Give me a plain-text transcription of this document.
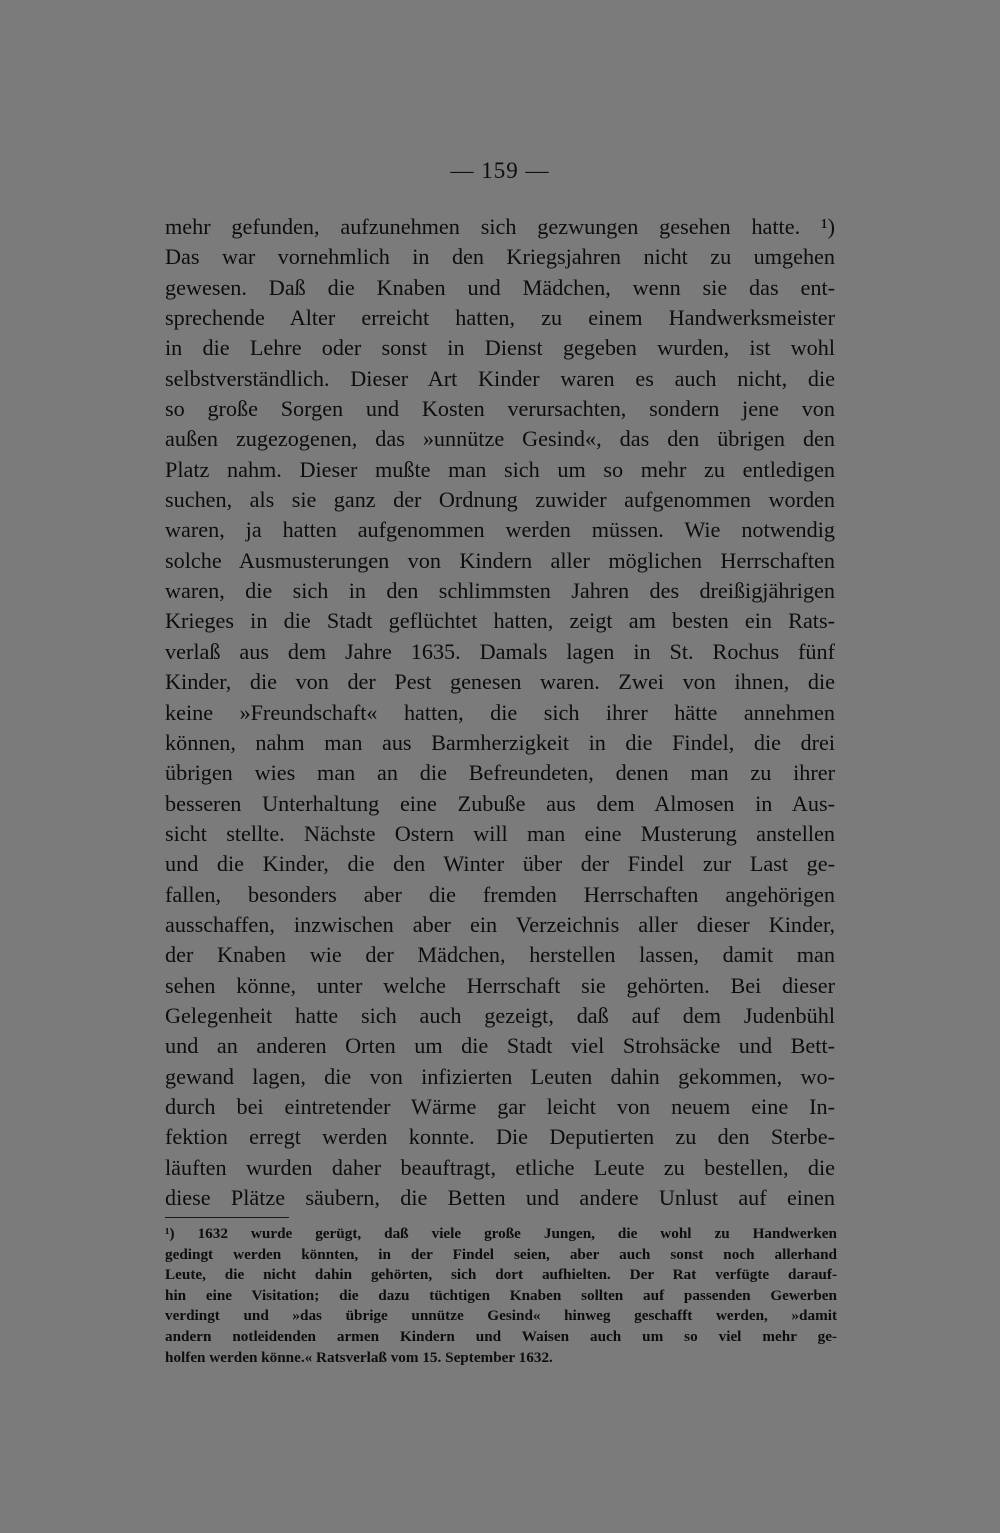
— 159 —
mehr gefunden, aufzunehmen sich gezwungen gesehen hatte. ¹)
Das war vornehmlich in den Kriegsjahren nicht zu umgehen
gewesen. Daß die Knaben und Mädchen, wenn sie das ent-
sprechende Alter erreicht hatten, zu einem Handwerksmeister
in die Lehre oder sonst in Dienst gegeben wurden, ist wohl
selbstverständlich. Dieser Art Kinder waren es auch nicht, die
so große Sorgen und Kosten verursachten, sondern jene von
außen zugezogenen, das »unnütze Gesind«, das den übrigen den
Platz nahm. Dieser mußte man sich um so mehr zu entledigen
suchen, als sie ganz der Ordnung zuwider aufgenommen worden
waren, ja hatten aufgenommen werden müssen. Wie notwendig
solche Ausmusterungen von Kindern aller möglichen Herrschaften
waren, die sich in den schlimmsten Jahren des dreißigjährigen
Krieges in die Stadt geflüchtet hatten, zeigt am besten ein Rats-
verlaß aus dem Jahre 1635. Damals lagen in St. Rochus fünf
Kinder, die von der Pest genesen waren. Zwei von ihnen, die
keine »Freundschaft« hatten, die sich ihrer hätte annehmen
können, nahm man aus Barmherzigkeit in die Findel, die drei
übrigen wies man an die Befreundeten, denen man zu ihrer
besseren Unterhaltung eine Zubuße aus dem Almosen in Aus-
sicht stellte. Nächste Ostern will man eine Musterung anstellen
und die Kinder, die den Winter über der Findel zur Last ge-
fallen, besonders aber die fremden Herrschaften angehörigen
ausschaffen, inzwischen aber ein Verzeichnis aller dieser Kinder,
der Knaben wie der Mädchen, herstellen lassen, damit man
sehen könne, unter welche Herrschaft sie gehörten. Bei dieser
Gelegenheit hatte sich auch gezeigt, daß auf dem Judenbühl
und an anderen Orten um die Stadt viel Strohsäcke und Bett-
gewand lagen, die von infizierten Leuten dahin gekommen, wo-
durch bei eintretender Wärme gar leicht von neuem eine In-
fektion erregt werden konnte. Die Deputierten zu den Sterbe-
läuften wurden daher beauftragt, etliche Leute zu bestellen, die
diese Plätze säubern, die Betten und andere Unlust auf einen
¹) 1632 wurde gerügt, daß viele große Jungen, die wohl zu Handwerken
gedingt werden könnten, in der Findel seien, aber auch sonst noch allerhand
Leute, die nicht dahin gehörten, sich dort aufhielten. Der Rat verfügte darauf-
hin eine Visitation; die dazu tüchtigen Knaben sollten auf passenden Gewerben
verdingt und »das übrige unnütze Gesind« hinweg geschafft werden, »damit
andern notleidenden armen Kindern und Waisen auch um so viel mehr ge-
holfen werden könne.« Ratsverlaß vom 15. September 1632.
